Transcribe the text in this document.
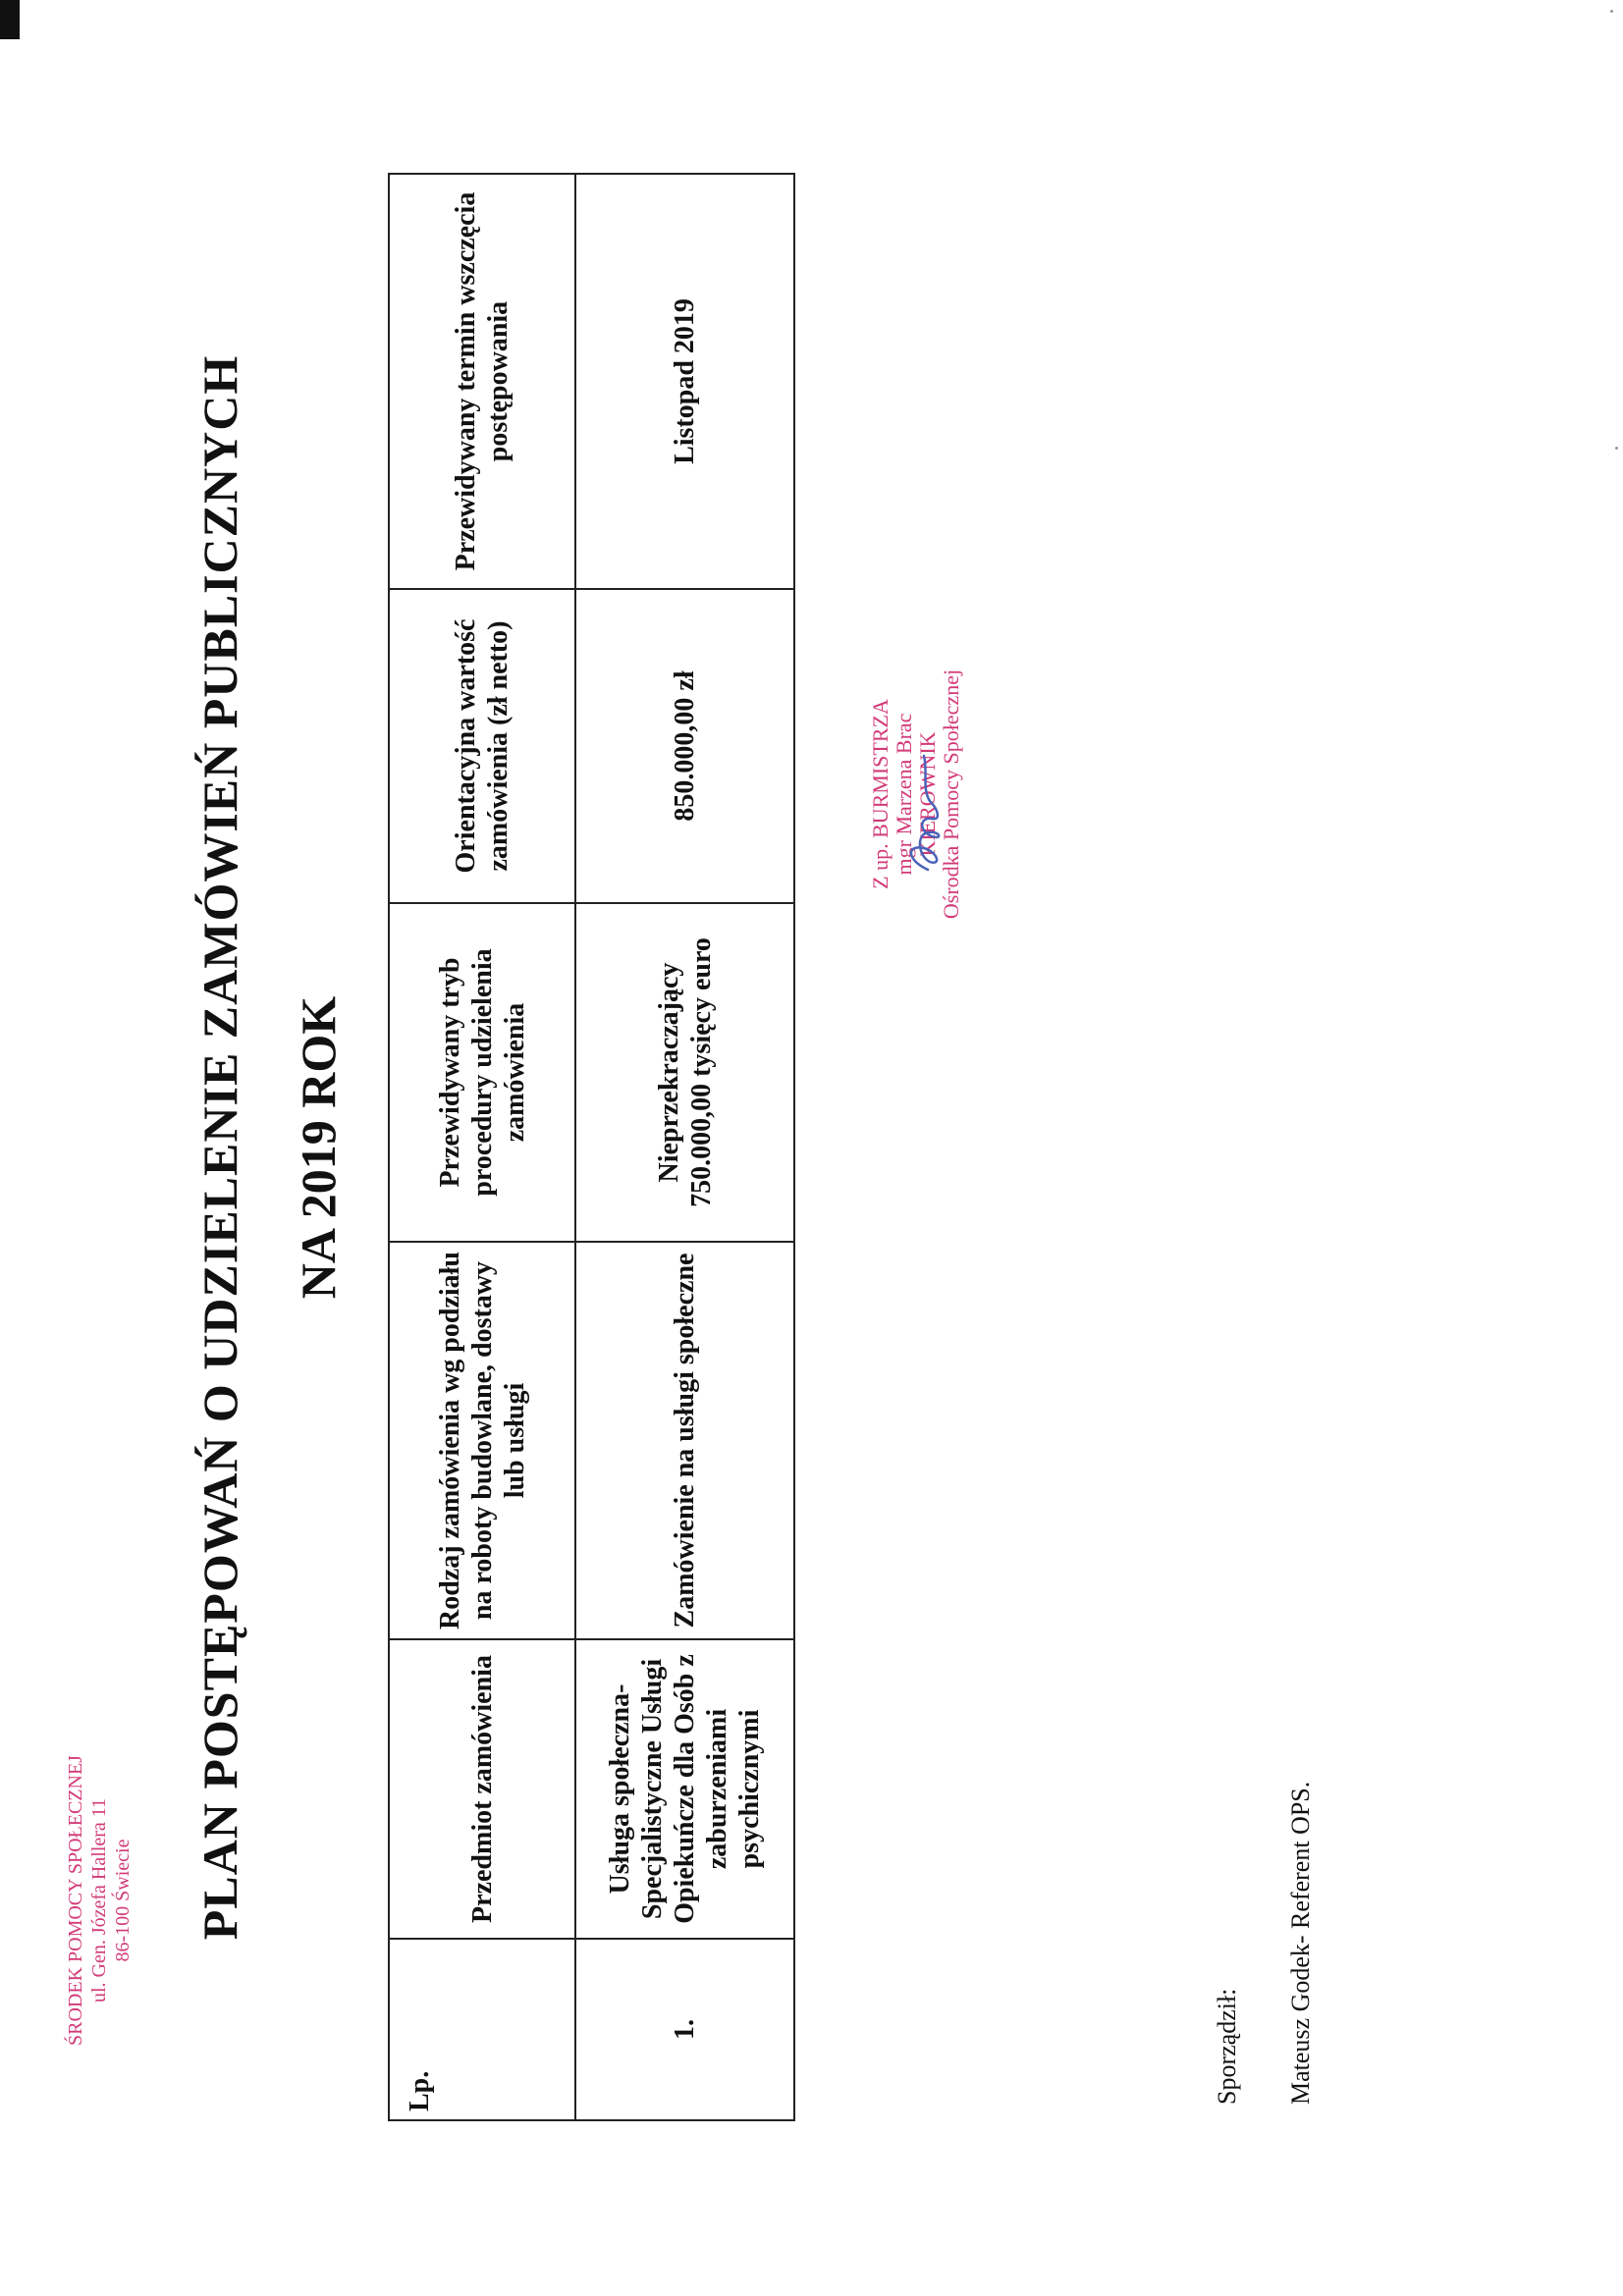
ŚRODEK POMOCY SPOŁECZNEJ ul. Gen. Józefa Hallera 11 86-100 Świecie PLAN POSTĘPOWAŃ O UDZIELENIE ZAMÓWIEŃ PUBLICZNYCH NA 2019 ROK
Lp.	Przedmiot zamówienia	Rodzaj zamówienia wg podziału na roboty budowlane, dostawy lub usługi	Przewidywany tryb procedury udzielenia zamówienia	Orientacyjna wartość zamówienia (zł netto)	Przewidywany termin wszczęcia postępowania
1.	Usługa społeczna- Specjalistyczne Usługi Opiekuńcze dla Osób z zaburzeniami psychicznymi	Zamówienie na usługi społeczne	Nieprzekraczający 750.000,00 tysięcy euro	850.000,00 zł	Listopad 2019
Z up. BURMISTRZA mgr Marzena Brac KIEROWNIK Ośrodka Pomocy Społecznej
Sporządził: Mateusz Godek- Referent OPS.
